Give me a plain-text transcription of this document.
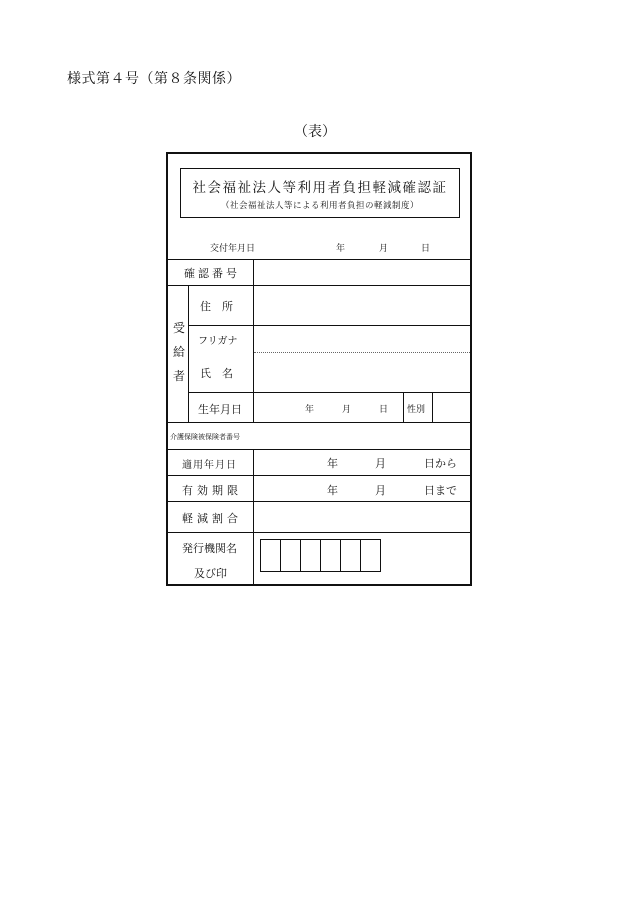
様式第４号（第８条関係）
（表）
社会福祉法人等利用者負担軽減確認証
（社会福祉法人等による利用者負担の軽減制度）
交付年月日	年	月	日
確認番号
受
給
者
住　所
フリガナ
氏　名
生年月日	年	月	日 性別
介護保険被保険者番号
適用年月日	年	月	日から
有効期限	年	月	日まで
軽減割合
発行機関名
及び印
